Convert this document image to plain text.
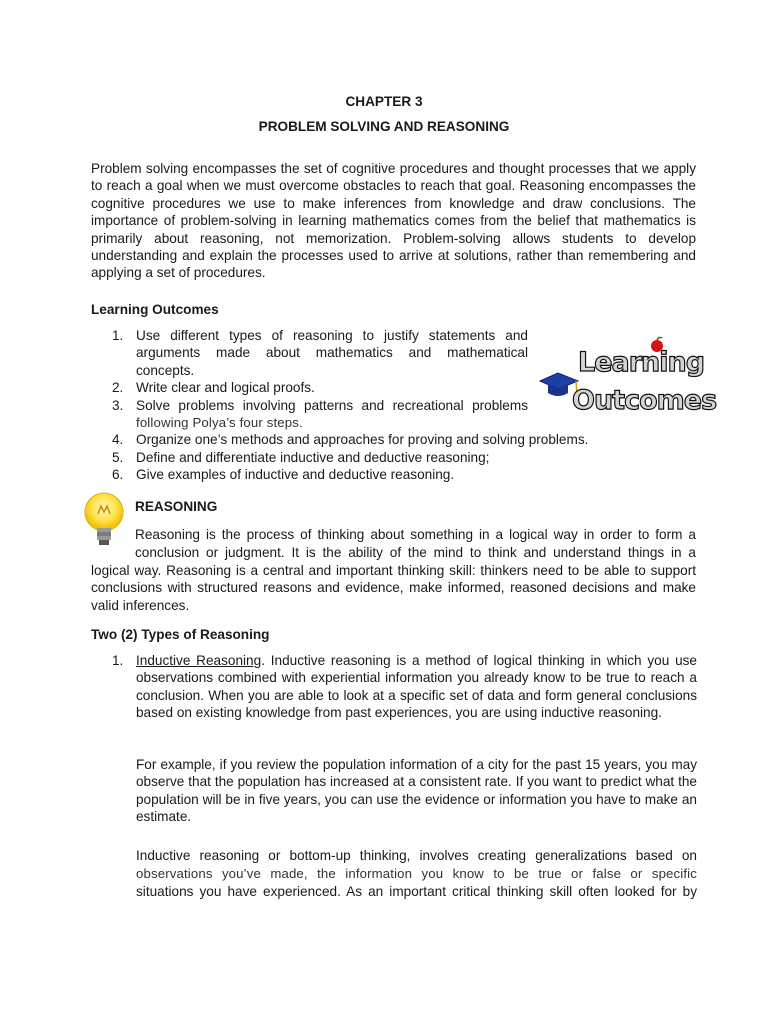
CHAPTER 3
PROBLEM SOLVING AND REASONING

Problem solving encompasses the set of cognitive procedures and thought processes that we apply to reach a goal when we must overcome obstacles to reach that goal. Reasoning encompasses the cognitive procedures we use to make inferences from knowledge and draw conclusions. The importance of problem-solving in learning mathematics comes from the belief that mathematics is primarily about reasoning, not memorization. Problem-solving allows students to develop understanding and explain the processes used to arrive at solutions, rather than remembering and applying a set of procedures.

Learning Outcomes

1. Use different types of reasoning to justify statements and
arguments made about mathematics and mathematical
concepts.
2. Write clear and logical proofs.
3. Solve problems involving patterns and recreational problems
following Polya’s four steps.
4. Organize one’s methods and approaches for proving and solving problems.
5. Define and differentiate inductive and deductive reasoning;
6. Give examples of inductive and deductive reasoning.
Learning
Outcomes

REASONING

Reasoning is the process of thinking about something in a logical way in order to form a

conclusion or judgment. It is the ability of the mind to think and understand things in a

logical way. Reasoning is a central and important thinking skill: thinkers need to be able to support conclusions with structured reasons and evidence, make informed, reasoned decisions and make valid inferences.

Two (2) Types of Reasoning

1. Inductive Reasoning. Inductive reasoning is a method of logical thinking in which you use observations combined with experiential information you already know to be true to reach a conclusion. When you are able to look at a specific set of data and form general conclusions based on existing knowledge from past experiences, you are using inductive reasoning.

For example, if you review the population information of a city for the past 15 years, you may observe that the population has increased at a consistent rate. If you want to predict what the population will be in five years, you can use the evidence or information you have to make an estimate.

Inductive reasoning or bottom-up thinking, involves creating generalizations based on

observations you’ve made, the information you know to be true or false or specific

situations you have experienced. As an important critical thinking skill often looked for by
